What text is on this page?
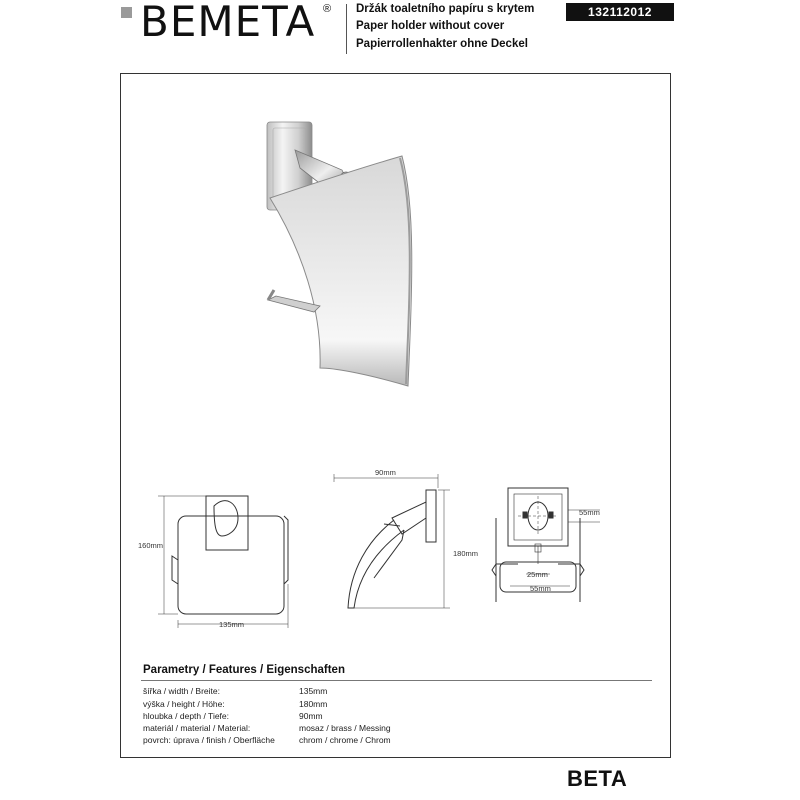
BEMETA ® Držák toaletního papíru s krytem
Paper holder without cover
Papierrollenhakter ohne Deckel
132112012
160mm
135mm
90mm
180mm
55mm
25mm
55mm
Parametry / Features / Eigenschaften
šířka / width / Breite:	135mm
výška / height / Höhe:	180mm
hloubka / depth / Tiefe:	90mm
materiál / material / Material:	mosaz / brass / Messing
povrch: úprava / finish / Oberfläche	chrom / chrome / Chrom
BETA
